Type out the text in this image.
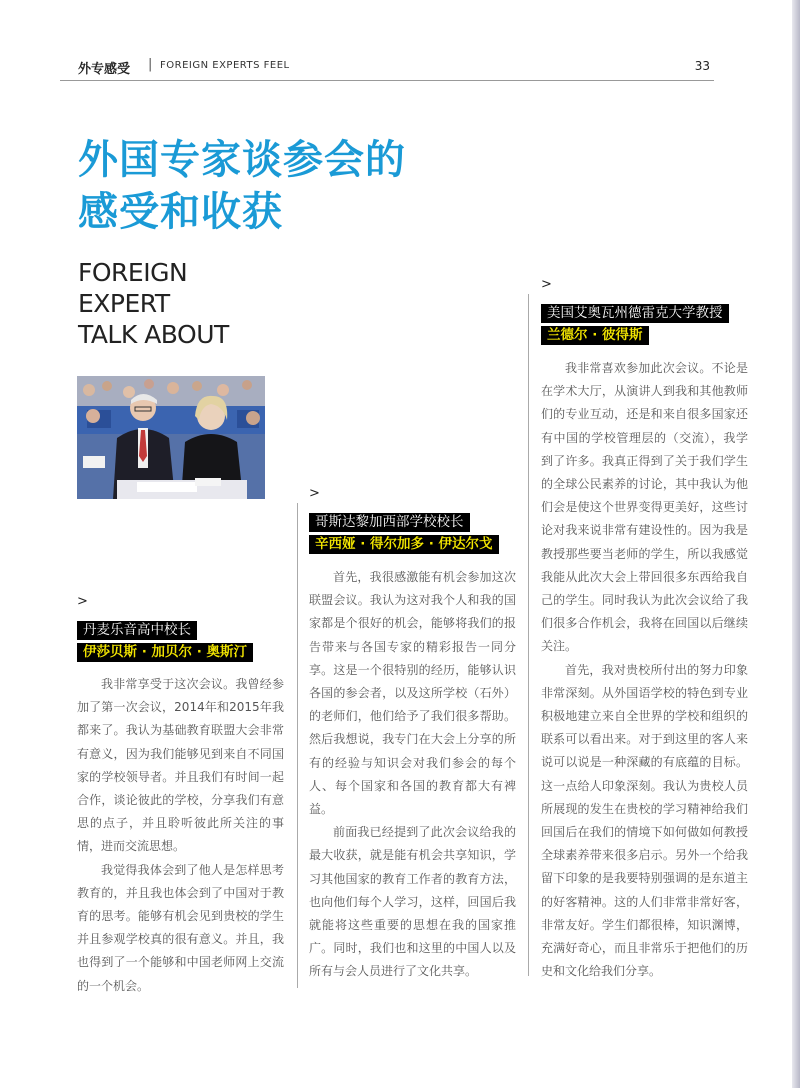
外专感受 | FOREIGN EXPERTS FEEL	33
外国专家谈参会的
感受和收获
FOREIGN
EXPERT
TALK ABOUT
>
丹麦乐音高中校长
伊莎贝斯 · 加贝尔 · 奥斯汀

我非常享受于这次会议。我曾经参加了第一次会议，2014年和2015年我都来了。我认为基础教育联盟大会非常有意义，因为我们能够见到来自不同国家的学校领导者。并且我们有时间一起合作，谈论彼此的学校，分享我们有意思的点子，并且聆听彼此所关注的事情，进而交流思想。

我觉得我体会到了他人是怎样思考教育的，并且我也体会到了中国对于教育的思考。能够有机会见到贵校的学生并且参观学校真的很有意义。并且，我也得到了一个能够和中国老师网上交流的一个机会。

>
哥斯达黎加西部学校校长
辛西娅 · 得尔加多 · 伊达尔戈

首先，我很感激能有机会参加这次联盟会议。我认为这对我个人和我的国家都是个很好的机会，能够将我们的报告带来与各国专家的精彩报告一同分享。这是一个很特别的经历，能够认识各国的参会者，以及这所学校（石外）的老师们，他们给予了我们很多帮助。然后我想说，我专门在大会上分享的所有的经验与知识会对我们参会的每个人、每个国家和各国的教育都大有裨益。

前面我已经提到了此次会议给我的最大收获，就是能有机会共享知识，学习其他国家的教育工作者的教育方法，也向他们每个人学习，这样，回国后我就能将这些重要的思想在我的国家推广。同时，我们也和这里的中国人以及所有与会人员进行了文化共享。

>
美国艾奥瓦州德雷克大学教授
兰德尔 · 彼得斯

我非常喜欢参加此次会议。不论是在学术大厅，从演讲人到我和其他教师们的专业互动，还是和来自很多国家还有中国的学校管理层的（交流），我学到了许多。我真正得到了关于我们学生的全球公民素养的讨论，其中我认为他们会是使这个世界变得更美好，这些讨论对我来说非常有建设性的。因为我是教授那些要当老师的学生，所以我感觉我能从此次大会上带回很多东西给我自己的学生。同时我认为此次会议给了我们很多合作机会，我将在回国以后继续关注。

首先，我对贵校所付出的努力印象非常深刻。从外国语学校的特色到专业积极地建立来自全世界的学校和组织的联系可以看出来。对于到这里的客人来说可以说是一种深藏的有底蕴的目标。这一点给人印象深刻。我认为贵校人员所展现的发生在贵校的学习精神给我们回国后在我们的情境下如何做如何教授全球素养带来很多启示。另外一个给我留下印象的是我要特别强调的是东道主的好客精神。这的人们非常非常好客，非常友好。学生们都很棒，知识渊博，充满好奇心，而且非常乐于把他们的历史和文化给我们分享。
